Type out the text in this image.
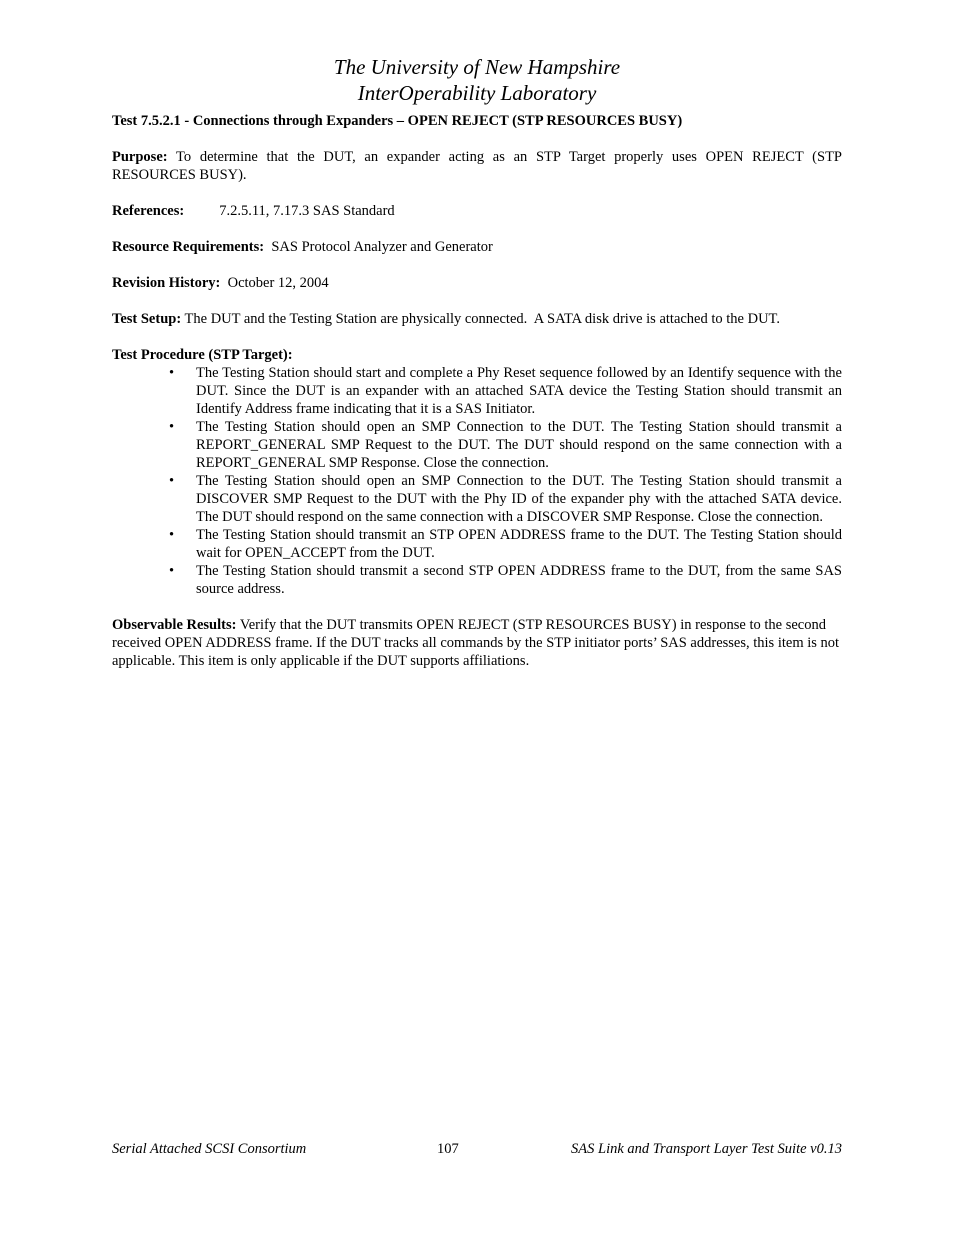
The University of New Hampshire
InterOperability Laboratory

Test 7.5.2.1 - Connections through Expanders – OPEN REJECT (STP RESOURCES BUSY)

Purpose: To determine that the DUT, an expander acting as an STP Target properly uses OPEN REJECT (STP RESOURCES BUSY).

References: 7.2.5.11, 7.17.3 SAS Standard

Resource Requirements:  SAS Protocol Analyzer and Generator

Revision History:  October 12, 2004

Test Setup: The DUT and the Testing Station are physically connected.  A SATA disk drive is attached to the DUT.

Test Procedure (STP Target):

• The Testing Station should start and complete a Phy Reset sequence followed by an Identify sequence with the DUT. Since the DUT is an expander with an attached SATA device the Testing Station should transmit an Identify Address frame indicating that it is a SAS Initiator.
• The Testing Station should open an SMP Connection to the DUT. The Testing Station should transmit a REPORT_GENERAL SMP Request to the DUT. The DUT should respond on the same connection with a REPORT_GENERAL SMP Response. Close the connection.
• The Testing Station should open an SMP Connection to the DUT. The Testing Station should transmit a DISCOVER SMP Request to the DUT with the Phy ID of the expander phy with the attached SATA device. The DUT should respond on the same connection with a DISCOVER SMP Response. Close the connection.
• The Testing Station should transmit an STP OPEN ADDRESS frame to the DUT. The Testing Station should wait for OPEN_ACCEPT from the DUT.
• The Testing Station should transmit a second STP OPEN ADDRESS frame to the DUT, from the same SAS source address.

Observable Results: Verify that the DUT transmits OPEN REJECT (STP RESOURCES BUSY) in response to the second received OPEN ADDRESS frame. If the DUT tracks all commands by the STP initiator ports’ SAS addresses, this item is not applicable. This item is only applicable if the DUT supports affiliations.

Serial Attached SCSI Consortium	107	SAS Link and Transport Layer Test Suite v0.13
